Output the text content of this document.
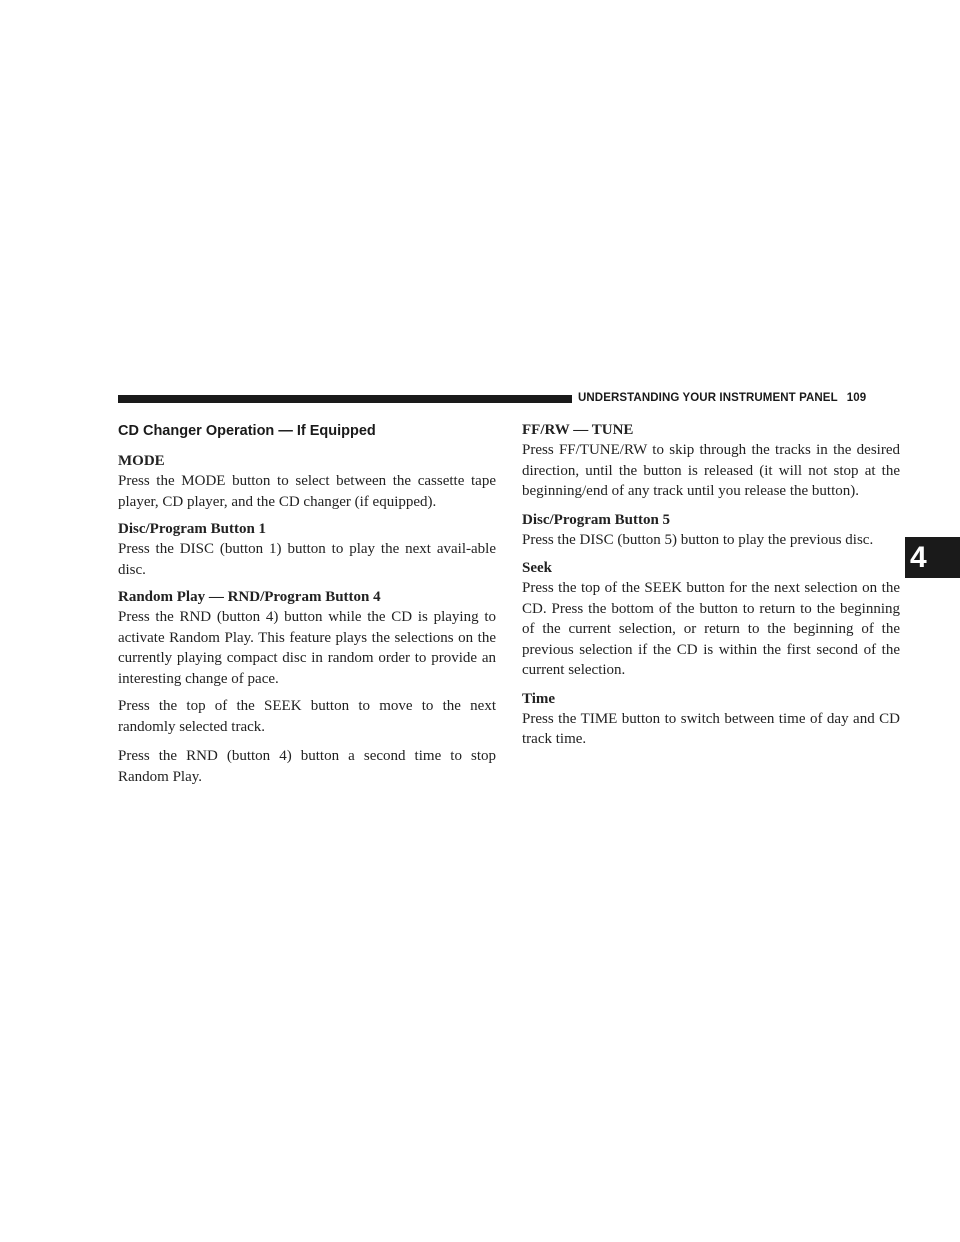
UNDERSTANDING YOUR INSTRUMENT PANEL 109
4
CD Changer Operation — If Equipped
MODE

Press the MODE button to select between the cassette tape player, CD player, and the CD changer (if equipped).

Disc/Program Button 1

Press the DISC (button 1) button to play the next avail-able disc.

Random Play — RND/Program Button 4

Press the RND (button 4) button while the CD is playing to activate Random Play. This feature plays the selections on the currently playing compact disc in random order to provide an interesting change of pace.

Press the top of the SEEK button to move to the next randomly selected track.

Press the RND (button 4) button a second time to stop Random Play.

FF/RW — TUNE

Press FF/TUNE/RW to skip through the tracks in the desired direction, until the button is released (it will not stop at the beginning/end of any track until you release the button).

Disc/Program Button 5

Press the DISC (button 5) button to play the previous disc.

Seek

Press the top of the SEEK button for the next selection on the CD. Press the bottom of the button to return to the beginning of the current selection, or return to the beginning of the previous selection if the CD is within the first second of the current selection.

Time

Press the TIME button to switch between time of day and CD track time.
